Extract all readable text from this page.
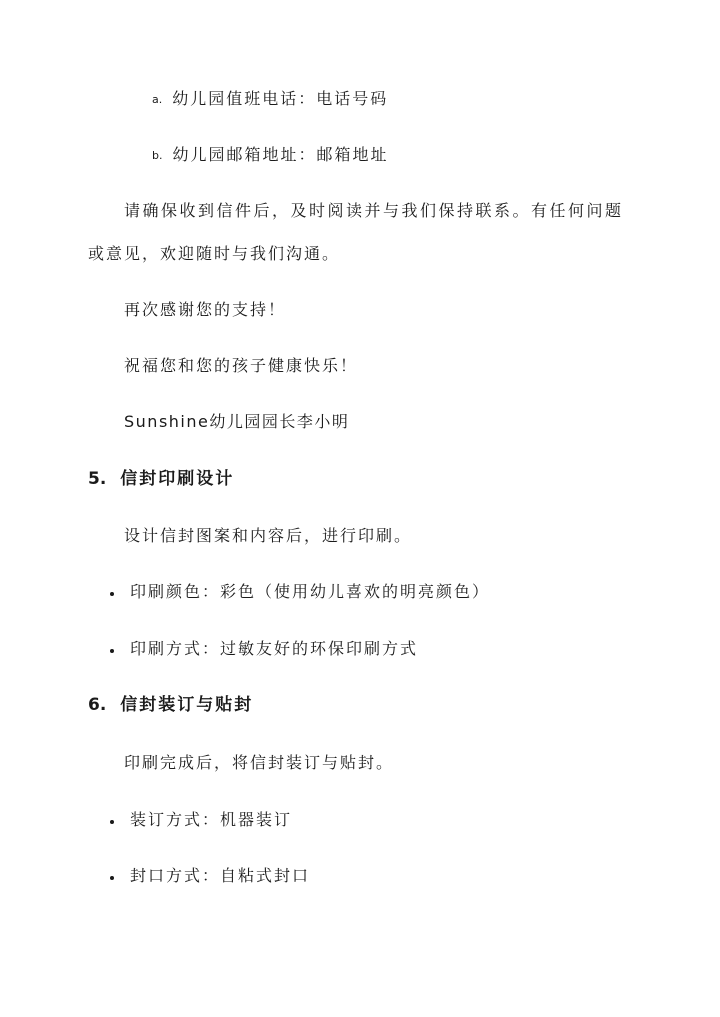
a. 幼儿园值班电话：电话号码
b. 幼儿园邮箱地址：邮箱地址
请确保收到信件后，及时阅读并与我们保持联系。有任何问题
或意见，欢迎随时与我们沟通。
再次感谢您的支持！
祝福您和您的孩子健康快乐！
Sunshine幼儿园园长李小明
5. 信封印刷设计
设计信封图案和内容后，进行印刷。
印刷颜色：彩色（使用幼儿喜欢的明亮颜色）
印刷方式：过敏友好的环保印刷方式
6. 信封装订与贴封
印刷完成后，将信封装订与贴封。
装订方式：机器装订
封口方式：自粘式封口
